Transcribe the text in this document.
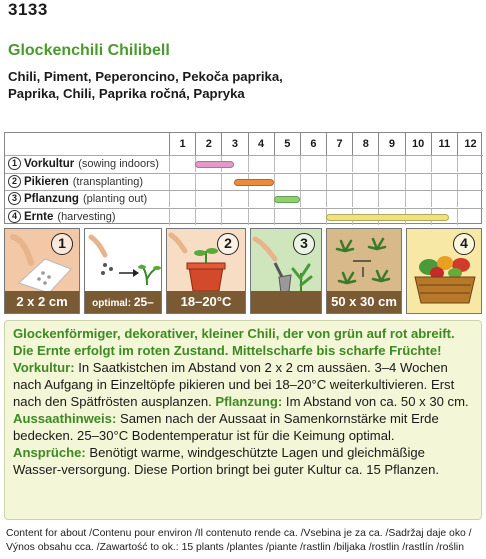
3133
Glockenchili Chilibell
Chili, Piment, Peperoncino, Pekoča paprika,
Paprika, Chili, Paprika ročná, Papryka
1	2	3	4	5	6	7	8	9	10	11	12
1 Vorkultur (sowing indoors)
2 Pikieren (transplanting)
3 Pflanzung (planting out)
4 Ernte (harvesting)
1
2 x 2 cm	optimal: 25–
2
18–20°C
3
50 x 30 cm
4

Glockenförmiger, dekorativer, kleiner Chili, der von grün auf rot abreift. Die Ernte erfolgt im roten Zustand. Mittelscharfe bis scharfe Früchte!

Vorkultur: In Saatkistchen im Abstand von 2 x 2 cm aussäen. 3–4 Wochen nach Aufgang in Einzeltöpfe pikieren und bei 18–20°C weiterkultivieren. Erst nach den Spätfrösten ausplanzen. Pflanzung: Im Abstand von ca. 50 x 30 cm.

Aussaathinweis: Samen nach der Aussaat in Samenkornstärke mit Erde bedecken. 25–30°C Bodentemperatur ist für die Keimung optimal.

Ansprüche: Benötigt warme, windgeschützte Lagen und gleichmäßige Wasser-versorgung. Diese Portion bringt bei guter Kultur ca. 15 Pflanzen.

Content for about /Contenu pour environ /Il contenuto rende ca. /Vsebina je za ca. /Sadržaj daje oko /
Výnos obsahu cca. /Zawartość to ok.: 15 plants /plantes /piante /rastlin /biljaka /rostlin /rastlín /roślin
